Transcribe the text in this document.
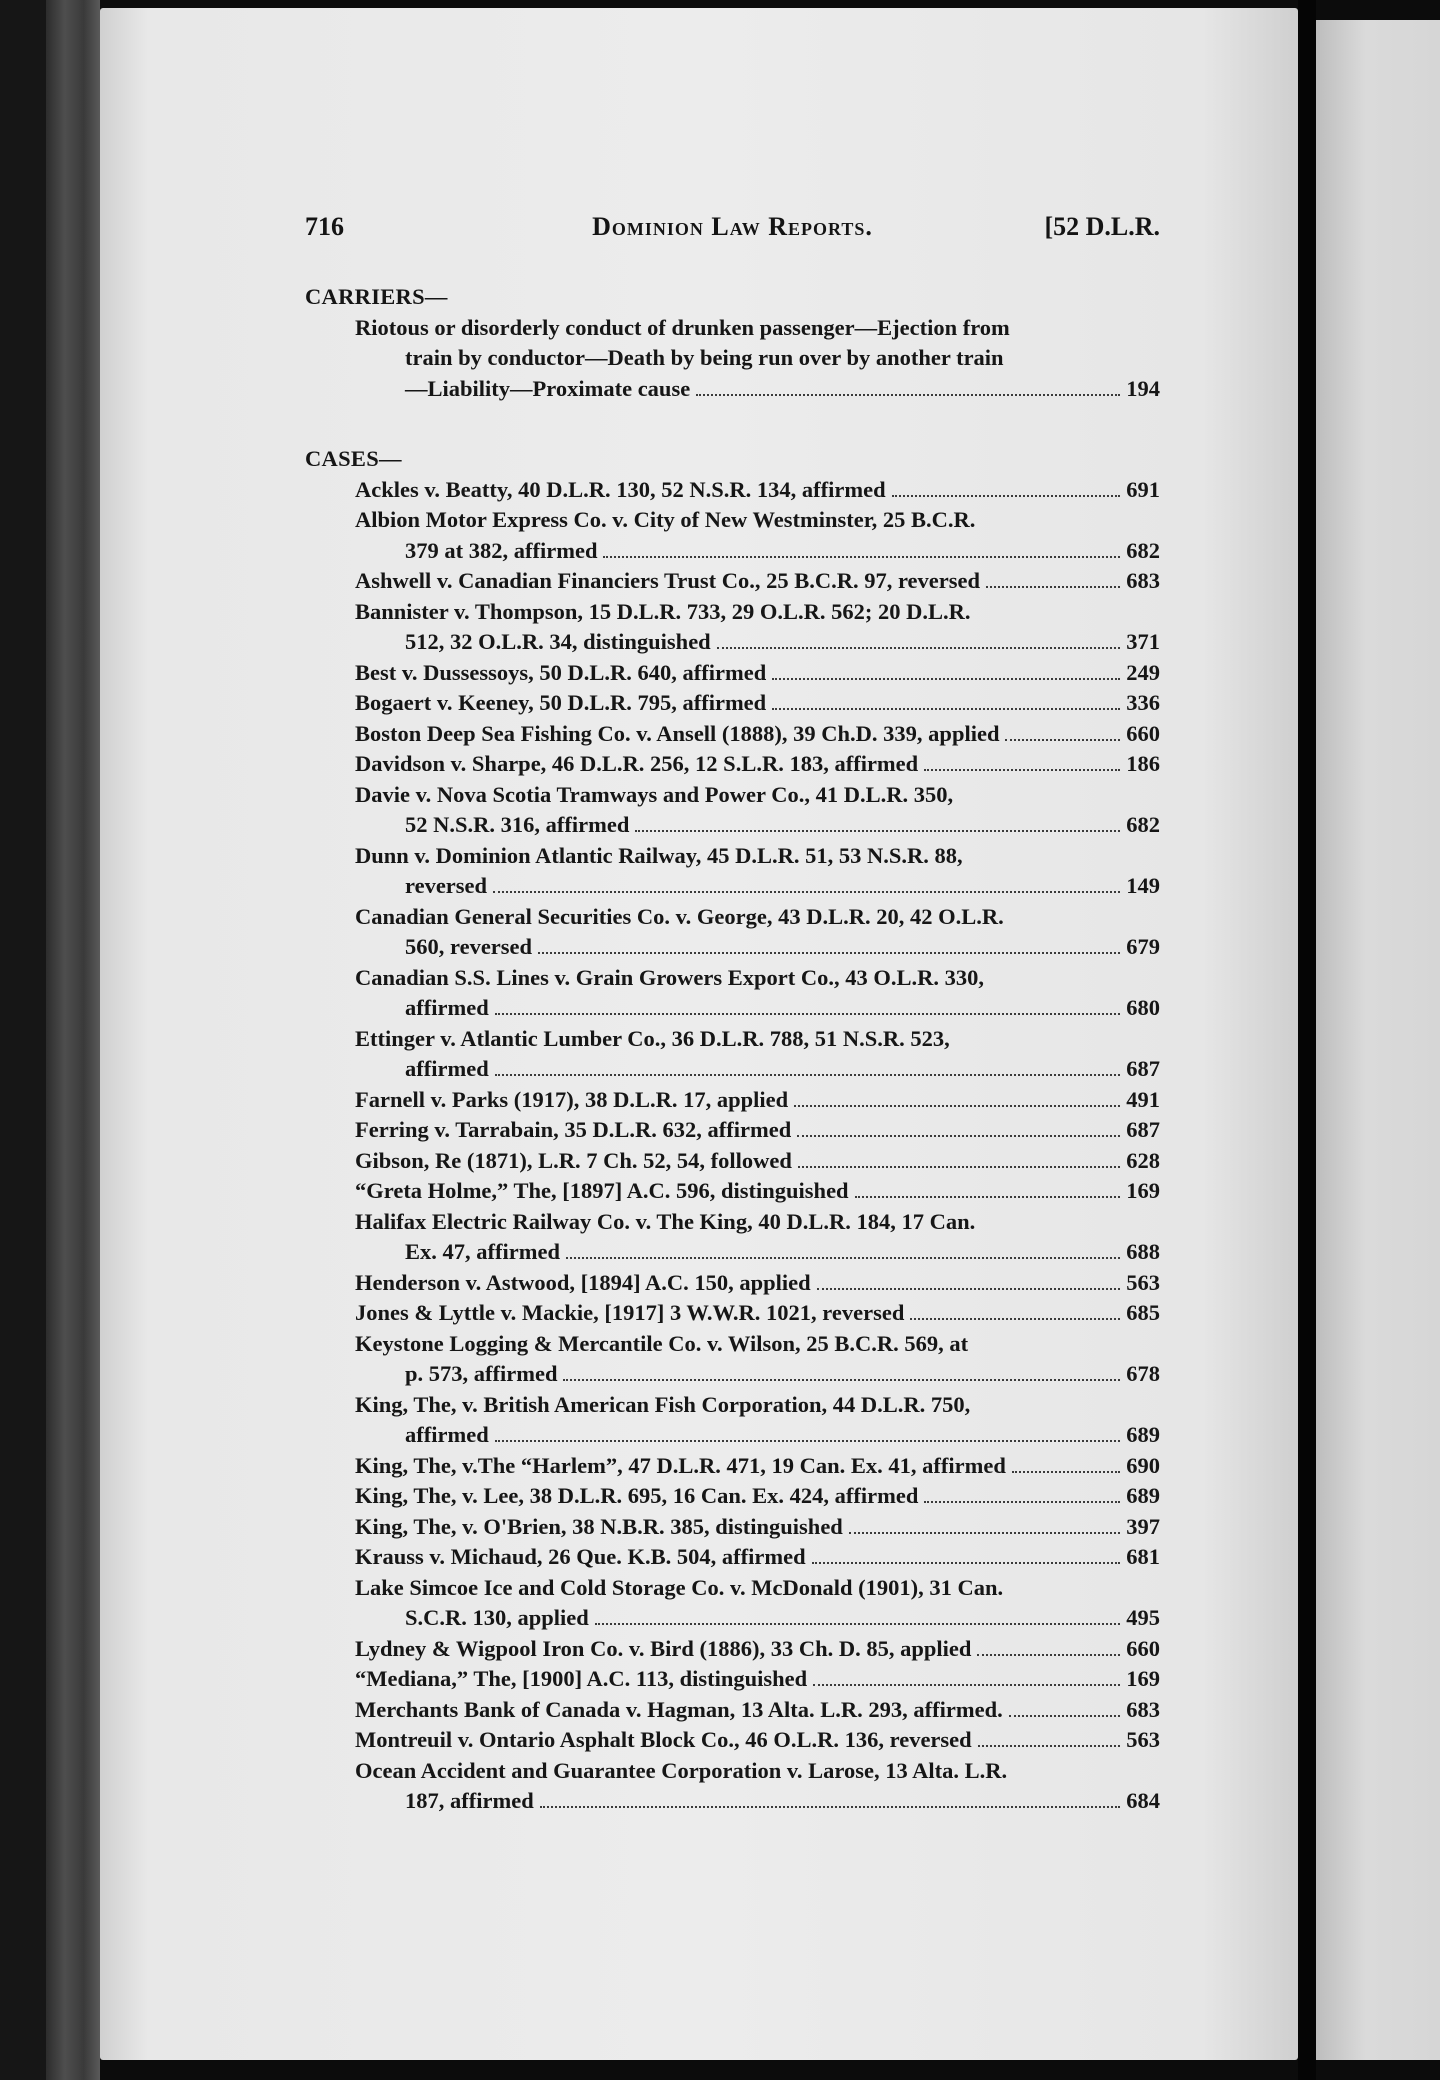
716	Dominion Law Reports.	[52 D.L.R.
CARRIERS—
Riotous or disorderly conduct of drunken passenger—Ejection from
train by conductor—Death by being run over by another train
—Liability—Proximate cause	194
CASES—
Ackles v. Beatty, 40 D.L.R. 130, 52 N.S.R. 134, affirmed	691
Albion Motor Express Co. v. City of New Westminster, 25 B.C.R.
379 at 382, affirmed	682
Ashwell v. Canadian Financiers Trust Co., 25 B.C.R. 97, reversed	683
Bannister v. Thompson, 15 D.L.R. 733, 29 O.L.R. 562; 20 D.L.R.
512, 32 O.L.R. 34, distinguished	371
Best v. Dussessoys, 50 D.L.R. 640, affirmed	249
Bogaert v. Keeney, 50 D.L.R. 795, affirmed	336
Boston Deep Sea Fishing Co. v. Ansell (1888), 39 Ch.D. 339, applied	660
Davidson v. Sharpe, 46 D.L.R. 256, 12 S.L.R. 183, affirmed	186
Davie v. Nova Scotia Tramways and Power Co., 41 D.L.R. 350,
52 N.S.R. 316, affirmed	682
Dunn v. Dominion Atlantic Railway, 45 D.L.R. 51, 53 N.S.R. 88,
reversed	149
Canadian General Securities Co. v. George, 43 D.L.R. 20, 42 O.L.R.
560, reversed	679
Canadian S.S. Lines v. Grain Growers Export Co., 43 O.L.R. 330,
affirmed	680
Ettinger v. Atlantic Lumber Co., 36 D.L.R. 788, 51 N.S.R. 523,
affirmed	687
Farnell v. Parks (1917), 38 D.L.R. 17, applied	491
Ferring v. Tarrabain, 35 D.L.R. 632, affirmed	687
Gibson, Re (1871), L.R. 7 Ch. 52, 54, followed	628
“Greta Holme,” The, [1897] A.C. 596, distinguished	169
Halifax Electric Railway Co. v. The King, 40 D.L.R. 184, 17 Can.
Ex. 47, affirmed	688
Henderson v. Astwood, [1894] A.C. 150, applied	563
Jones & Lyttle v. Mackie, [1917] 3 W.W.R. 1021, reversed	685
Keystone Logging & Mercantile Co. v. Wilson, 25 B.C.R. 569, at
p. 573, affirmed	678
King, The, v. British American Fish Corporation, 44 D.L.R. 750,
affirmed	689
King, The, v.The “Harlem”, 47 D.L.R. 471, 19 Can. Ex. 41, affirmed	690
King, The, v. Lee, 38 D.L.R. 695, 16 Can. Ex. 424, affirmed	689
King, The, v. O'Brien, 38 N.B.R. 385, distinguished	397
Krauss v. Michaud, 26 Que. K.B. 504, affirmed	681
Lake Simcoe Ice and Cold Storage Co. v. McDonald (1901), 31 Can.
S.C.R. 130, applied	495
Lydney & Wigpool Iron Co. v. Bird (1886), 33 Ch. D. 85, applied	660
“Mediana,” The, [1900] A.C. 113, distinguished	169
Merchants Bank of Canada v. Hagman, 13 Alta. L.R. 293, affirmed.	683
Montreuil v. Ontario Asphalt Block Co., 46 O.L.R. 136, reversed	563
Ocean Accident and Guarantee Corporation v. Larose, 13 Alta. L.R.
187, affirmed	684
